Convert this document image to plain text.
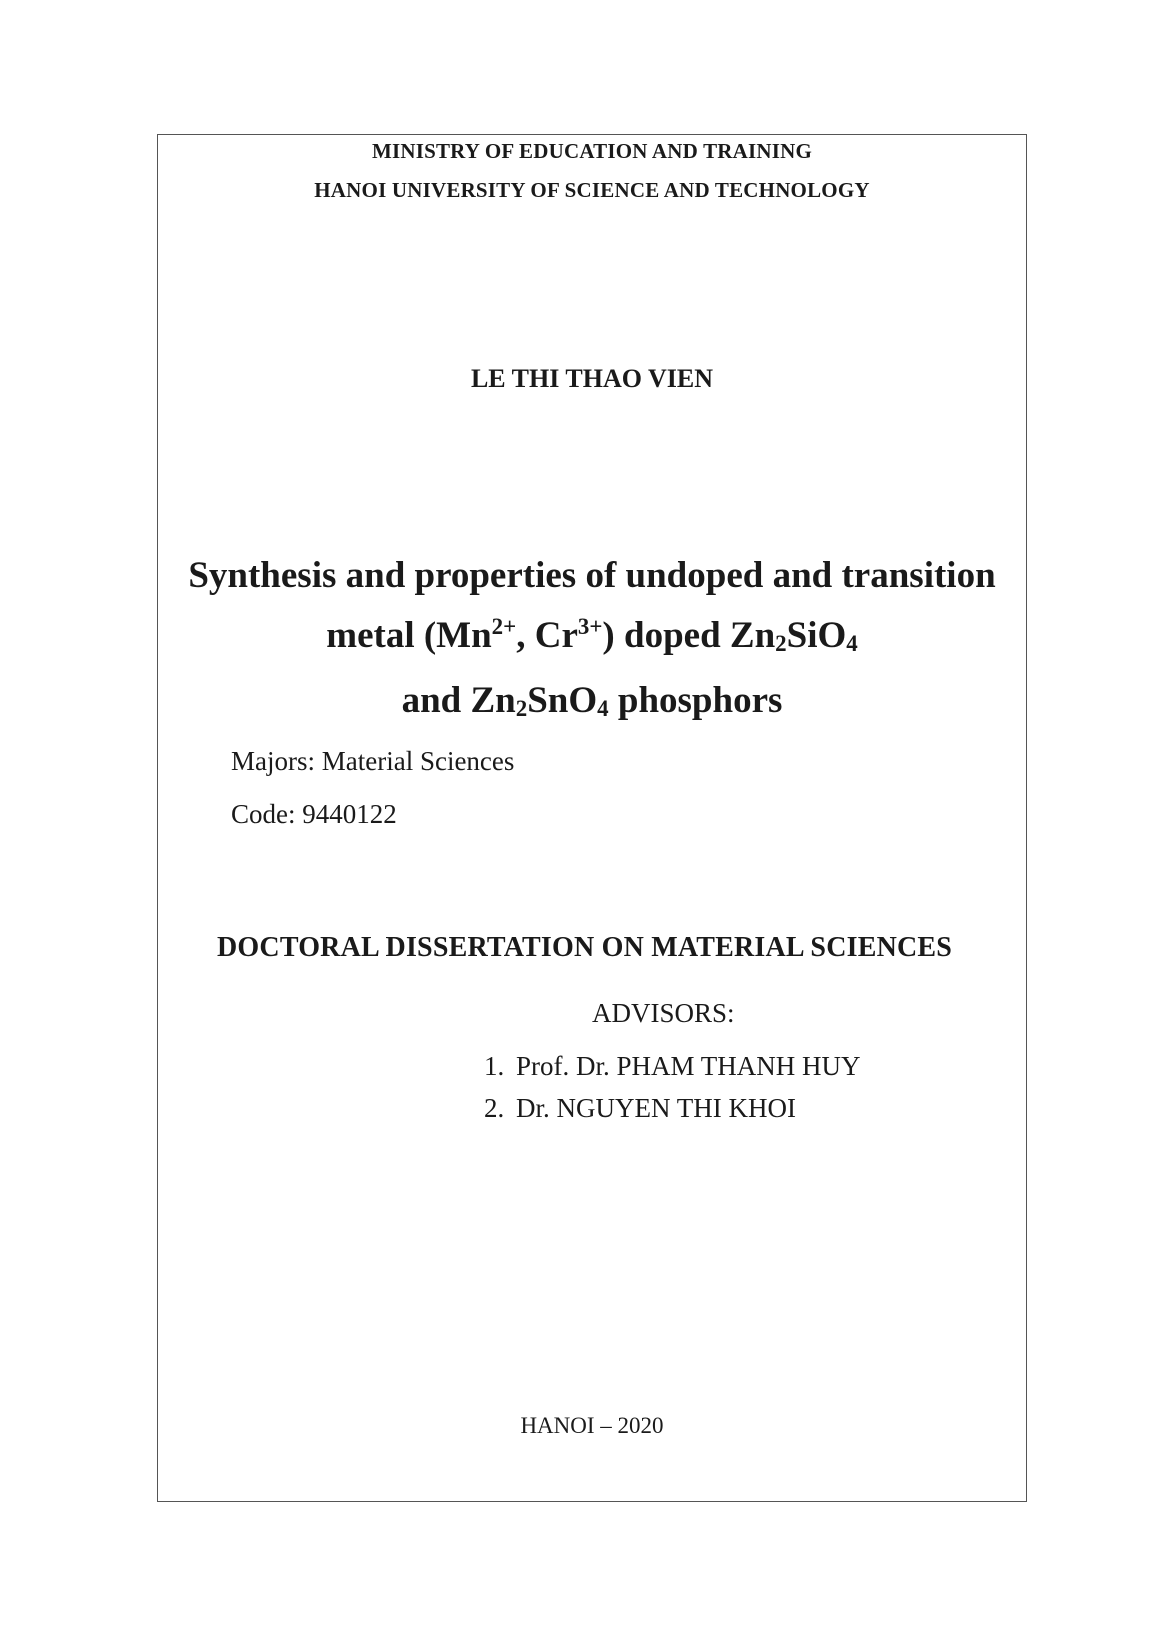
MINISTRY OF EDUCATION AND TRAINING
HANOI UNIVERSITY OF SCIENCE AND TECHNOLOGY
LE THI THAO VIEN
Synthesis and properties of undoped and transition
metal ($Mn^{2+}$, $Cr^{3+}$) doped $Zn_2SiO_4$
and $Zn_2SnO_4$ phosphors
Majors: Material Sciences
Code: 9440122
DOCTORAL DISSERTATION ON MATERIAL SCIENCES
ADVISORS:
1. Prof. Dr. PHAM THANH HUY
2. Dr. NGUYEN THI KHOI
HANOI – 2020
